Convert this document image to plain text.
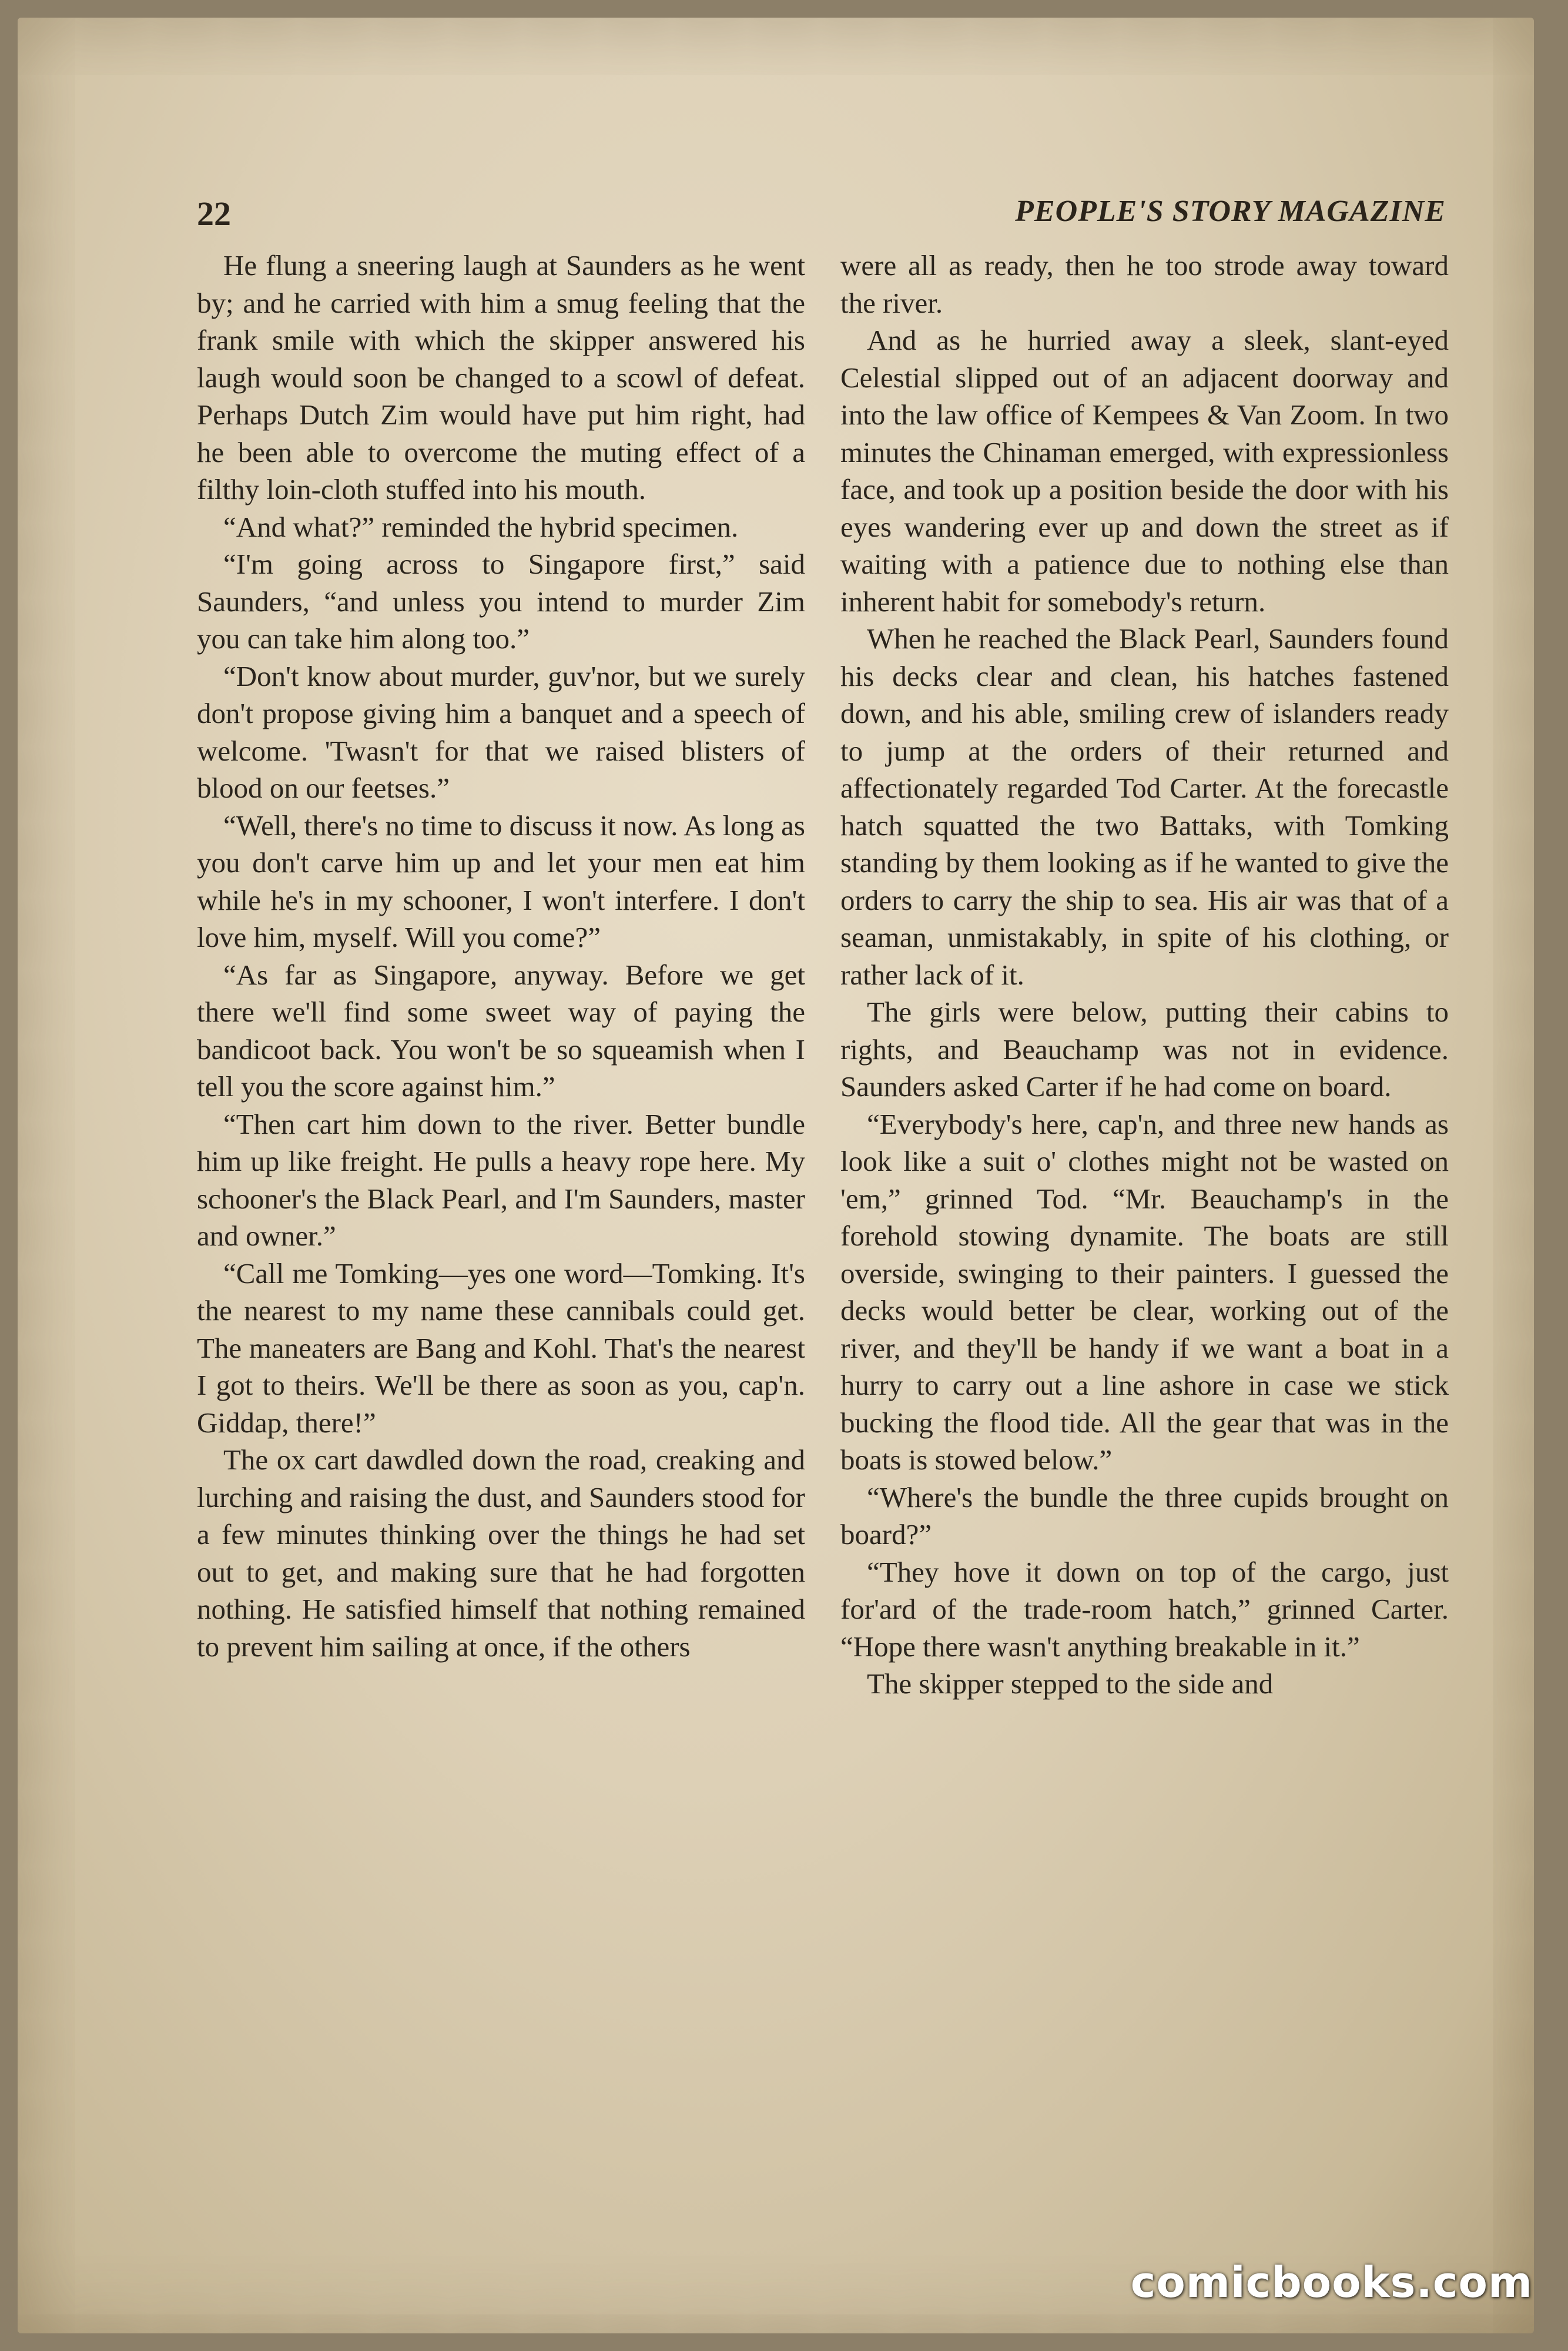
22	PEOPLE'S STORY MAGAZINE

He flung a sneering laugh at Saunders as he went by; and he carried with him a smug feeling that the frank smile with which the skipper answered his laugh would soon be changed to a scowl of defeat. Perhaps Dutch Zim would have put him right, had he been able to overcome the muting effect of a filthy loin-cloth stuffed into his mouth.

“And what?” reminded the hybrid specimen.

“I'm going across to Singapore first,” said Saunders, “and unless you intend to murder Zim you can take him along too.”

“Don't know about murder, guv'nor, but we surely don't propose giving him a banquet and a speech of welcome. 'Twasn't for that we raised blisters of blood on our feetses.”

“Well, there's no time to discuss it now. As long as you don't carve him up and let your men eat him while he's in my schooner, I won't interfere. I don't love him, myself. Will you come?”

“As far as Singapore, anyway. Before we get there we'll find some sweet way of paying the bandicoot back. You won't be so squeamish when I tell you the score against him.”

“Then cart him down to the river. Better bundle him up like freight. He pulls a heavy rope here. My schooner's the Black Pearl, and I'm Saunders, master and owner.”

“Call me Tomking—yes one word—Tomking. It's the nearest to my name these cannibals could get. The maneaters are Bang and Kohl. That's the nearest I got to theirs. We'll be there as soon as you, cap'n. Giddap, there!”

The ox cart dawdled down the road, creaking and lurching and raising the dust, and Saunders stood for a few minutes thinking over the things he had set out to get, and making sure that he had forgotten nothing. He satisfied himself that nothing remained to prevent him sailing at once, if the others

were all as ready, then he too strode away toward the river.

And as he hurried away a sleek, slant-eyed Celestial slipped out of an adjacent doorway and into the law office of Kempees & Van Zoom. In two minutes the Chinaman emerged, with expressionless face, and took up a position beside the door with his eyes wandering ever up and down the street as if waiting with a patience due to nothing else than inherent habit for somebody's return.

When he reached the Black Pearl, Saunders found his decks clear and clean, his hatches fastened down, and his able, smiling crew of islanders ready to jump at the orders of their returned and affectionately regarded Tod Carter. At the forecastle hatch squatted the two Battaks, with Tomking standing by them looking as if he wanted to give the orders to carry the ship to sea. His air was that of a seaman, unmistakably, in spite of his clothing, or rather lack of it.

The girls were below, putting their cabins to rights, and Beauchamp was not in evidence. Saunders asked Carter if he had come on board.

“Everybody's here, cap'n, and three new hands as look like a suit o' clothes might not be wasted on 'em,” grinned Tod. “Mr. Beauchamp's in the forehold stowing dynamite. The boats are still overside, swinging to their painters. I guessed the decks would better be clear, working out of the river, and they'll be handy if we want a boat in a hurry to carry out a line ashore in case we stick bucking the flood tide. All the gear that was in the boats is stowed below.”

“Where's the bundle the three cupids brought on board?”

“They hove it down on top of the cargo, just for'ard of the trade-room hatch,” grinned Carter. “Hope there wasn't anything breakable in it.”

The skipper stepped to the side and

comicbooks.com
